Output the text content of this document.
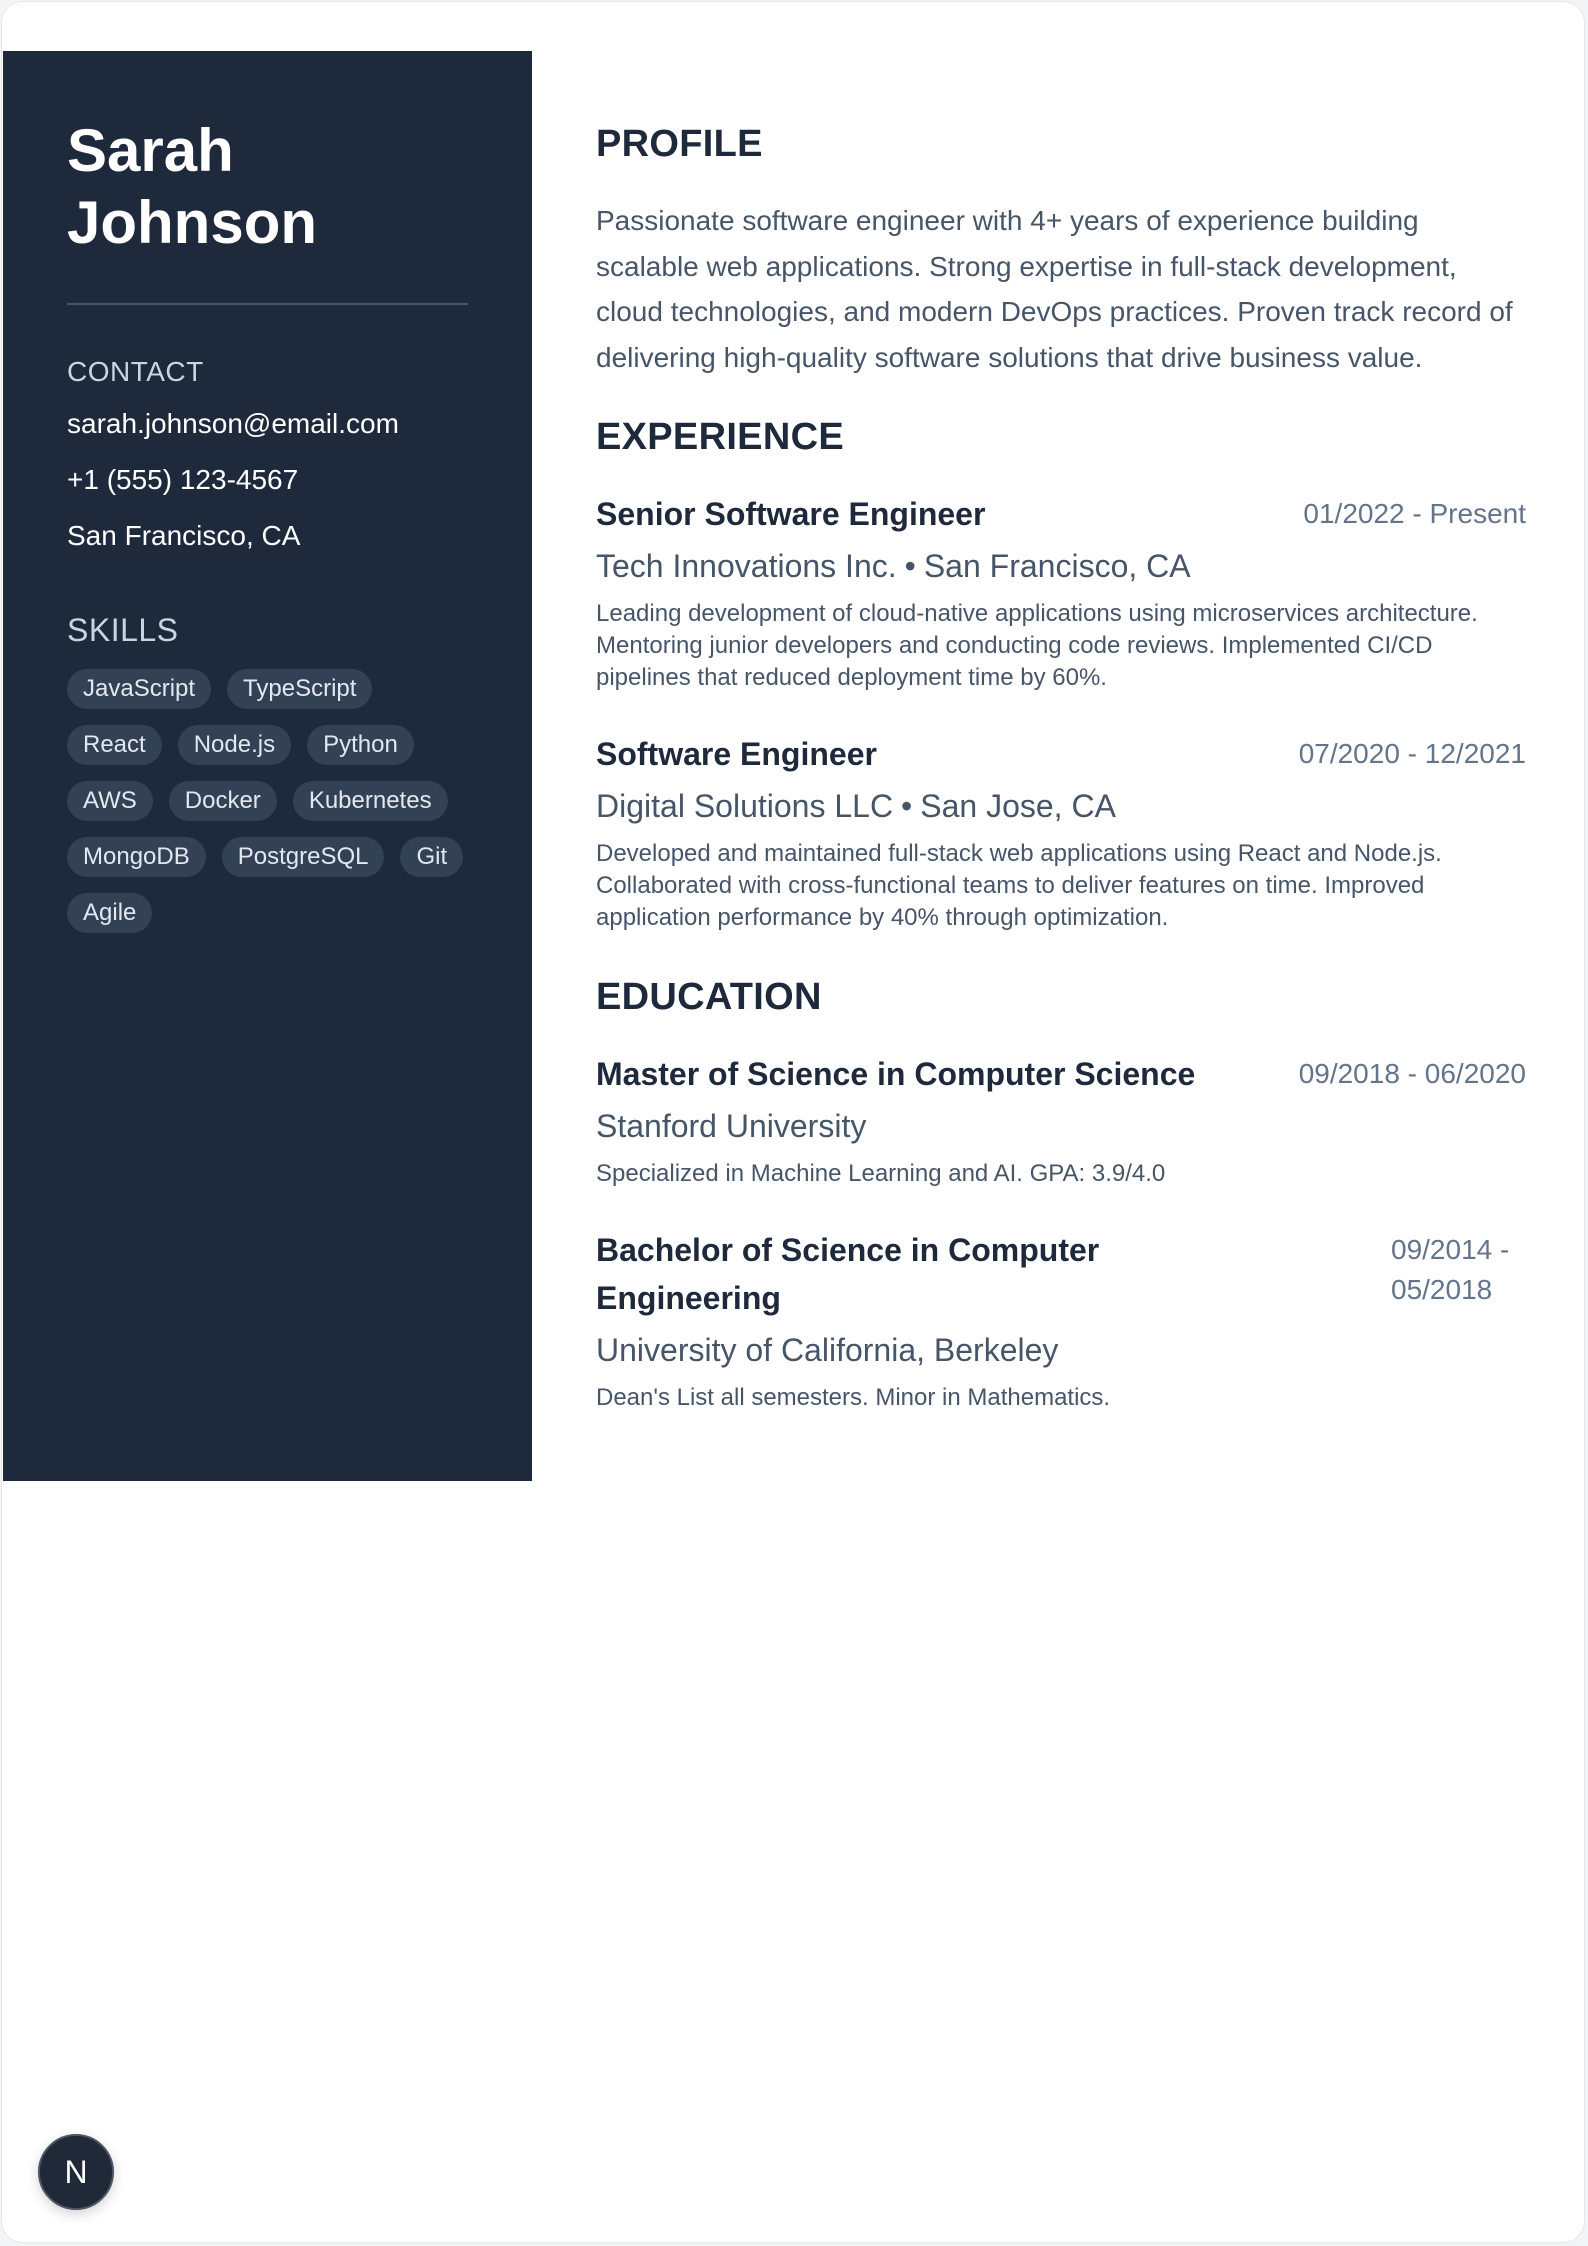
Sarah
Johnson
CONTACT
sarah.johnson@email.com
+1 (555) 123-4567
San Francisco, CA
SKILLS
JavaScript	TypeScript
React	Node.js	Python
AWS	Docker	Kubernetes
MongoDB	PostgreSQL	Git
Agile
PROFILE

Passionate software engineer with 4+ years of experience building scalable web applications. Strong expertise in full-stack development, cloud technologies, and modern DevOps practices. Proven track record of delivering high-quality software solutions that drive business value.

EXPERIENCE
Senior Software Engineer	01/2022 - Present
Tech Innovations Inc. • San Francisco, CA

Leading development of cloud-native applications using microservices architecture. Mentoring junior developers and conducting code reviews. Implemented CI/CD pipelines that reduced deployment time by 60%.

Software Engineer	07/2020 - 12/2021
Digital Solutions LLC • San Jose, CA

Developed and maintained full-stack web applications using React and Node.js. Collaborated with cross-functional teams to deliver features on time. Improved application performance by 40% through optimization.

EDUCATION
Master of Science in Computer Science	09/2018 - 06/2020
Stanford University

Specialized in Machine Learning and AI. GPA: 3.9/4.0

Bachelor of Science in Computer Engineering
09/2014 - 05/2018
University of California, Berkeley

Dean's List all semesters. Minor in Mathematics.

N
